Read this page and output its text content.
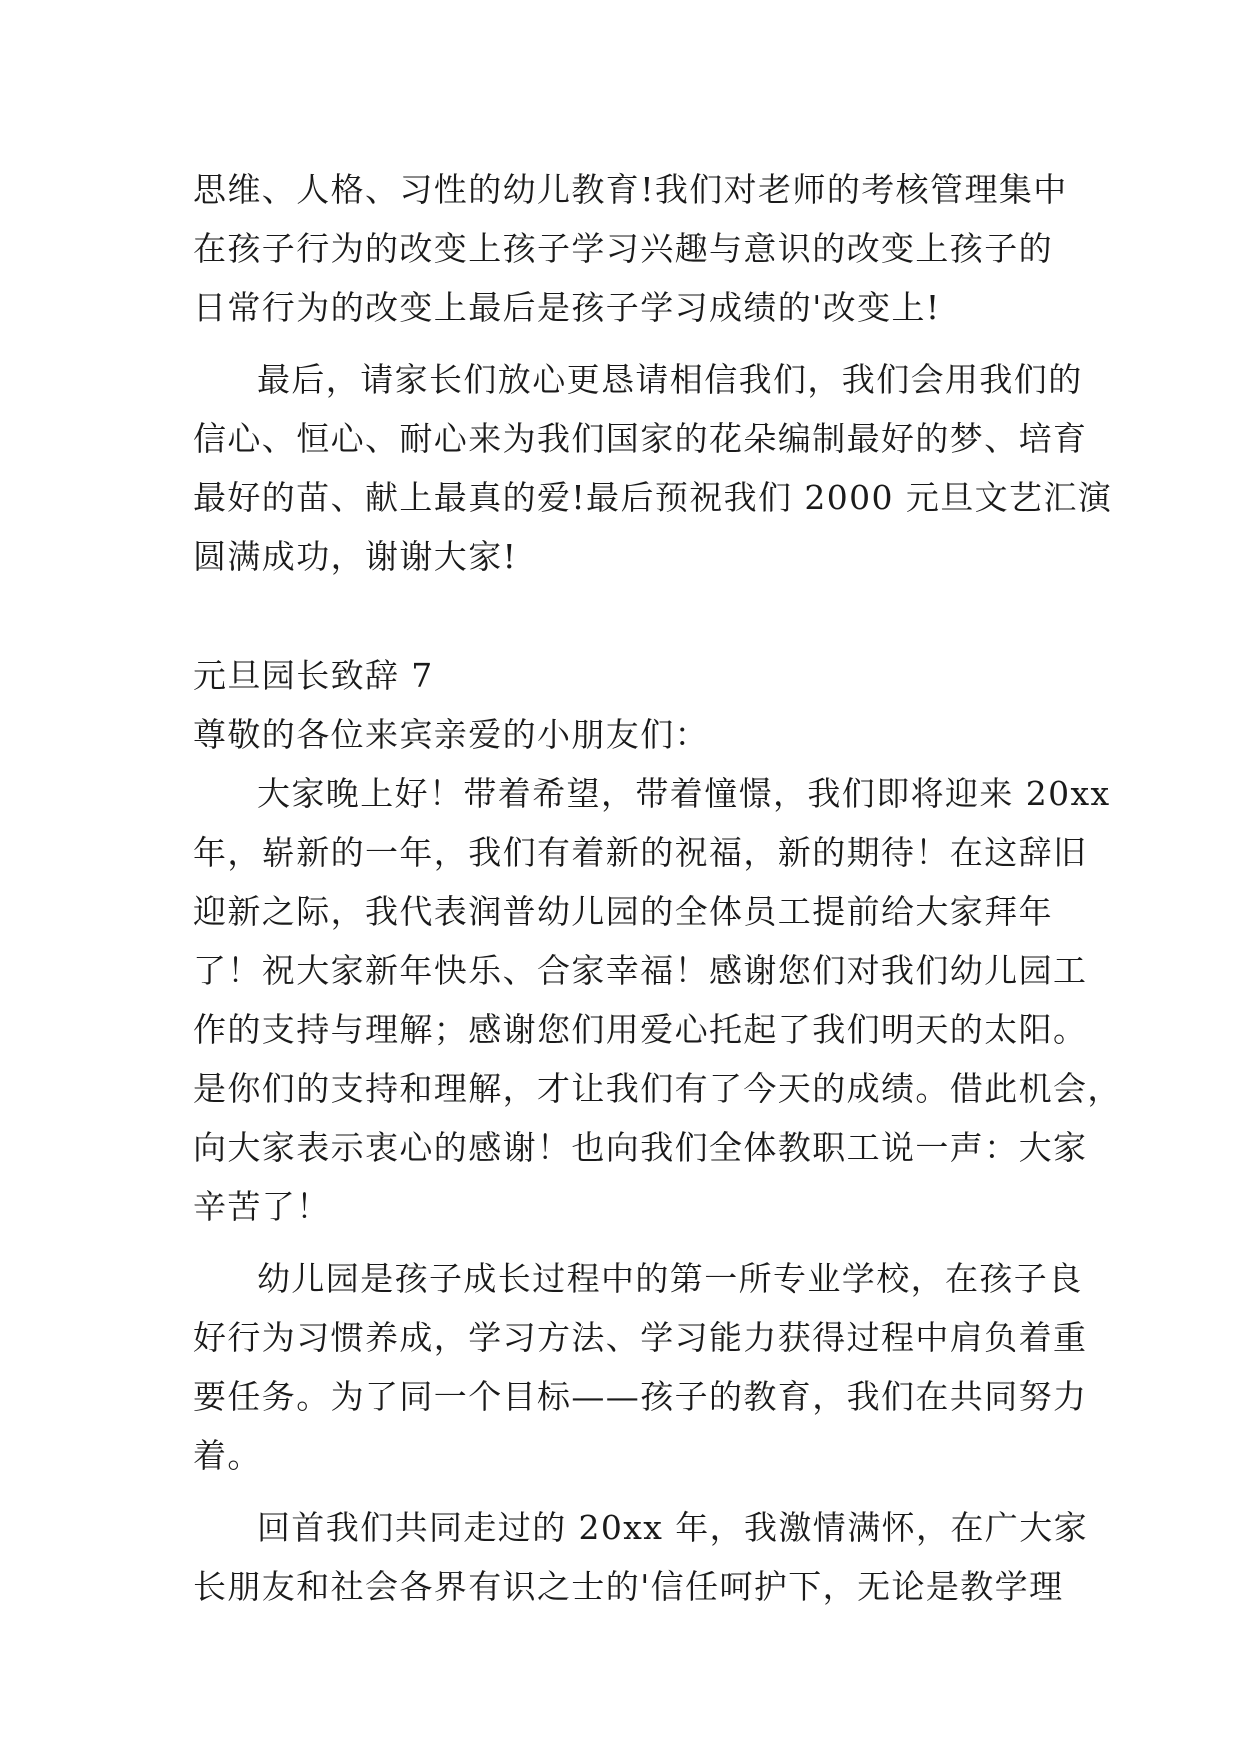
思维、人格、习性的幼儿教育!我们对老师的考核管理集中
在孩子行为的改变上孩子学习兴趣与意识的改变上孩子的
日常行为的改变上最后是孩子学习成绩的'改变上!
最后，请家长们放心更恳请相信我们，我们会用我们的
信心、恒心、耐心来为我们国家的花朵编制最好的梦、培育
最好的苗、献上最真的爱!最后预祝我们 2000 元旦文艺汇演
圆满成功，谢谢大家!
元旦园长致辞 7
尊敬的各位来宾亲爱的小朋友们：
大家晚上好！带着希望，带着憧憬，我们即将迎来 20xx
年，崭新的一年，我们有着新的祝福，新的期待！在这辞旧
迎新之际，我代表润普幼儿园的全体员工提前给大家拜年
了！祝大家新年快乐、合家幸福！感谢您们对我们幼儿园工
作的支持与理解；感谢您们用爱心托起了我们明天的太阳。
是你们的支持和理解，才让我们有了今天的成绩。借此机会，
向大家表示衷心的感谢！也向我们全体教职工说一声：大家
辛苦了！
幼儿园是孩子成长过程中的第一所专业学校，在孩子良
好行为习惯养成，学习方法、学习能力获得过程中肩负着重
要任务。为了同一个目标——孩子的教育，我们在共同努力
着。
回首我们共同走过的 20xx 年，我激情满怀，在广大家
长朋友和社会各界有识之士的'信任呵护下，无论是教学理
